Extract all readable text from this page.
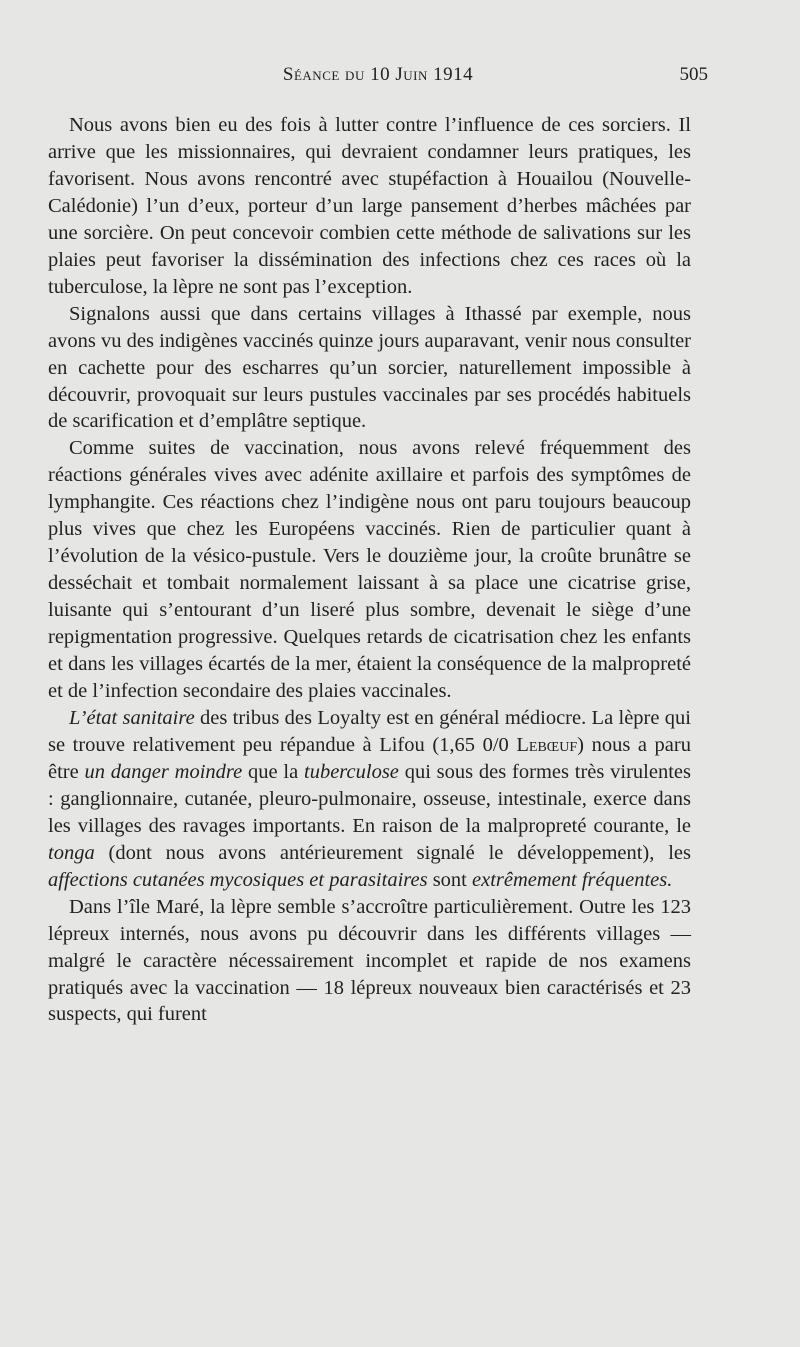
Séance du 10 Juin 1914	505

Nous avons bien eu des fois à lutter contre l’influence de ces sorciers. Il arrive que les missionnaires, qui devraient condamner leurs pratiques, les favorisent. Nous avons rencontré avec stupéfaction à Houailou (Nouvelle-Calédonie) l’un d’eux, porteur d’un large pansement d’herbes mâchées par une sorcière. On peut concevoir combien cette méthode de salivations sur les plaies peut favoriser la dissémination des infections chez ces races où la tuberculose, la lèpre ne sont pas l’exception.

Signalons aussi que dans certains villages à Ithassé par exemple, nous avons vu des indigènes vaccinés quinze jours auparavant, venir nous consulter en cachette pour des escharres qu’un sorcier, naturellement impossible à découvrir, provoquait sur leurs pustules vaccinales par ses procédés habituels de scarification et d’emplâtre septique.

Comme suites de vaccination, nous avons relevé fréquemment des réactions générales vives avec adénite axillaire et parfois des symptômes de lymphangite. Ces réactions chez l’indigène nous ont paru toujours beaucoup plus vives que chez les Européens vaccinés. Rien de particulier quant à l’évolution de la vésico-pustule. Vers le douzième jour, la croûte brunâtre se desséchait et tombait normalement laissant à sa place une cicatrise grise, luisante qui s’entourant d’un liseré plus sombre, devenait le siège d’une repigmentation progressive. Quelques retards de cicatrisation chez les enfants et dans les villages écartés de la mer, étaient la conséquence de la malpropreté et de l’infection secondaire des plaies vaccinales.

L’état sanitaire des tribus des Loyalty est en général médiocre. La lèpre qui se trouve relativement peu répandue à Lifou (1,65 0/0 Lebœuf) nous a paru être un danger moindre que la tuberculose qui sous des formes très virulentes : ganglionnaire, cutanée, pleuro-pulmonaire, osseuse, intestinale, exerce dans les villages des ravages importants. En raison de la malpropreté courante, le tonga (dont nous avons antérieurement signalé le développement), les affections cutanées mycosiques et parasitaires sont extrêmement fréquentes.

Dans l’île Maré, la lèpre semble s’accroître particulièrement. Outre les 123 lépreux internés, nous avons pu découvrir dans les différents villages — malgré le caractère nécessairement incomplet et rapide de nos examens pratiqués avec la vaccination — 18 lépreux nouveaux bien caractérisés et 23 suspects, qui furent
